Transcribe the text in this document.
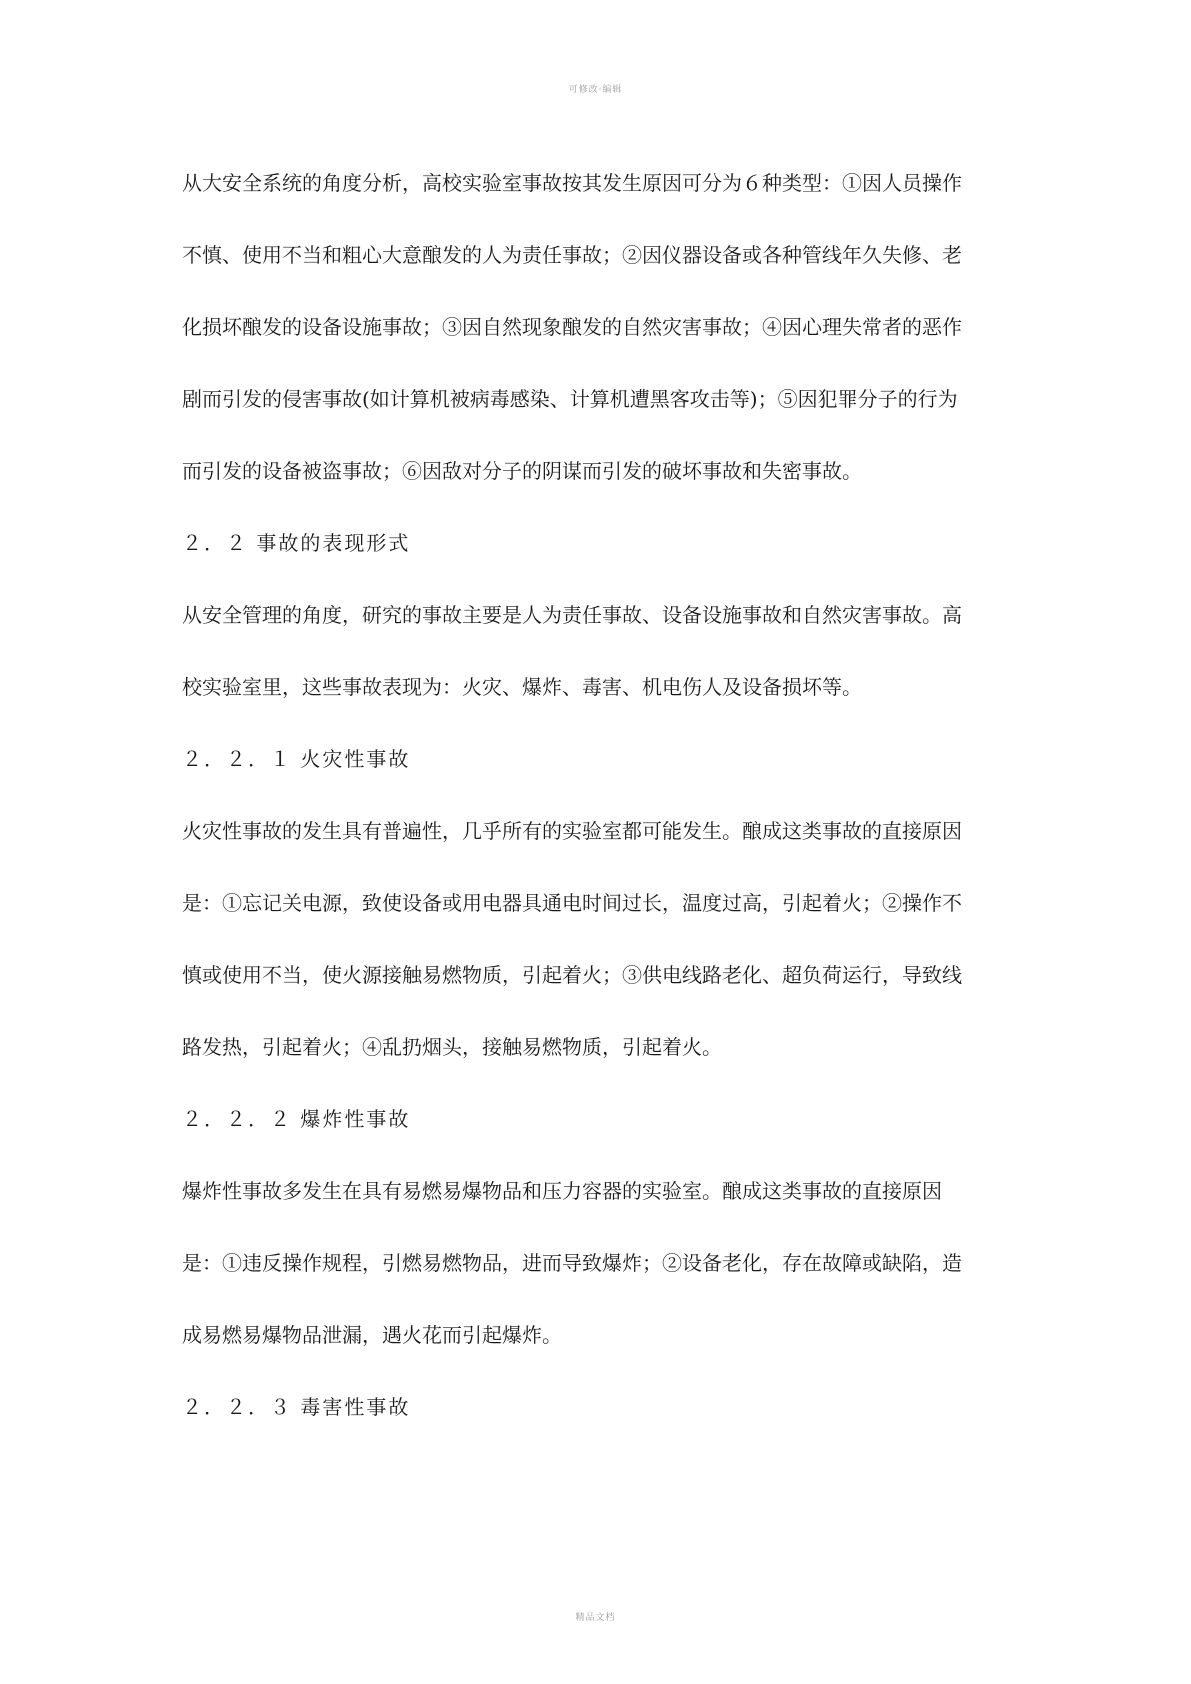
可修改·编辑
从大安全系统的角度分析，高校实验室事故按其发生原因可分为６种类型：①因人员操作
不慎、使用不当和粗心大意酿发的人为责任事故；②因仪器设备或各种管线年久失修、老
化损坏酿发的设备设施事故；③因自然现象酿发的自然灾害事故；④因心理失常者的恶作
剧而引发的侵害事故(如计算机被病毒感染、计算机遭黑客攻击等)；⑤因犯罪分子的行为
而引发的设备被盗事故；⑥因敌对分子的阴谋而引发的破坏事故和失密事故。
２．２ 事故的表现形式
从安全管理的角度，研究的事故主要是人为责任事故、设备设施事故和自然灾害事故。高
校实验室里，这些事故表现为：火灾、爆炸、毒害、机电伤人及设备损坏等。
２．２．１ 火灾性事故
火灾性事故的发生具有普遍性，几乎所有的实验室都可能发生。酿成这类事故的直接原因
是：①忘记关电源，致使设备或用电器具通电时间过长，温度过高，引起着火；②操作不
慎或使用不当，使火源接触易燃物质，引起着火；③供电线路老化、超负荷运行，导致线
路发热，引起着火；④乱扔烟头，接触易燃物质，引起着火。
２．２．２ 爆炸性事故
爆炸性事故多发生在具有易燃易爆物品和压力容器的实验室。酿成这类事故的直接原因
是：①违反操作规程，引燃易燃物品，进而导致爆炸；②设备老化，存在故障或缺陷，造
成易燃易爆物品泄漏，遇火花而引起爆炸。
２．２．３ 毒害性事故
精品文档
